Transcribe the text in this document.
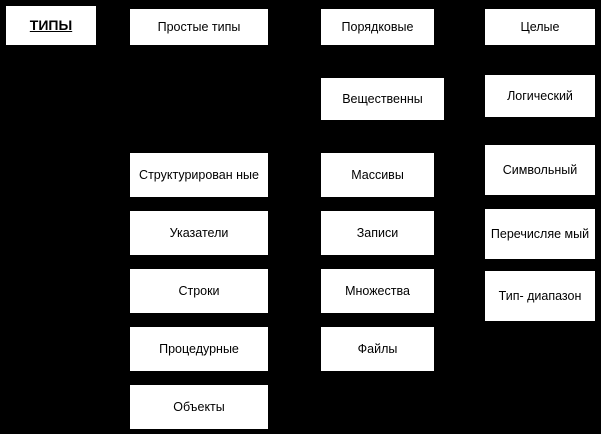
ТИПЫ	Простые типы	Порядковые	Целые
Вещественны	Логический
Структурирован ные	Массивы	Символьный
Указатели	Записи	Перечисляе мый
Строки	Множества	Тип- диапазон
Процедурные	Файлы
Объекты
